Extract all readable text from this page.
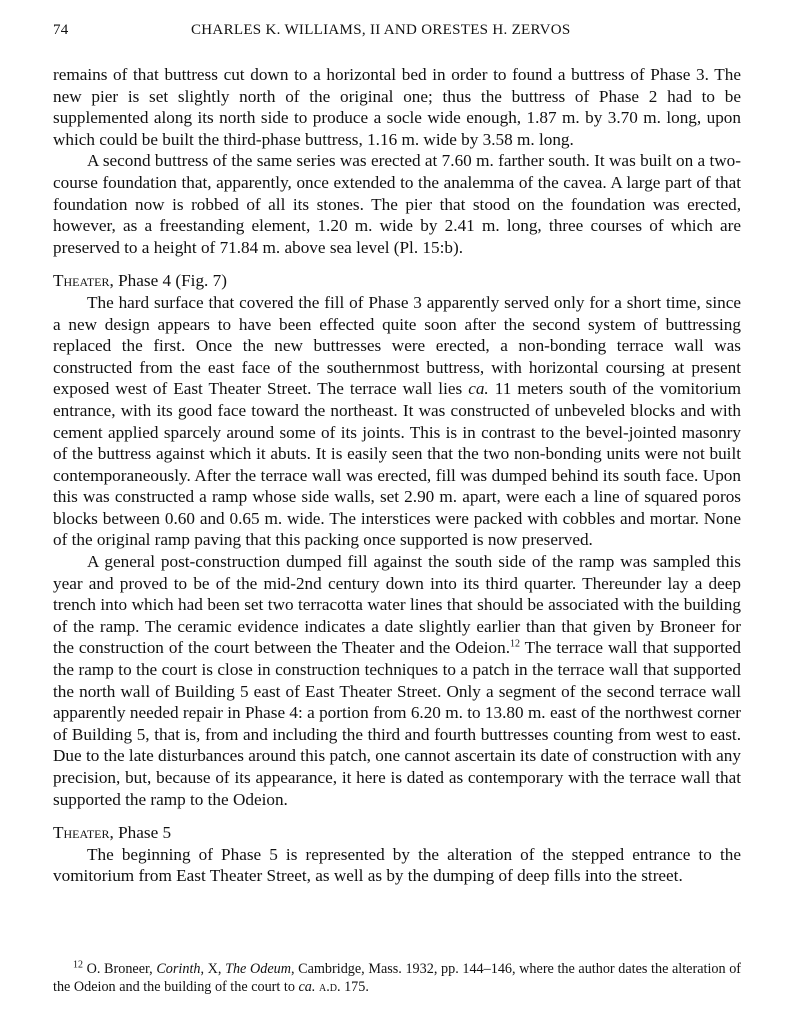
74	CHARLES K. WILLIAMS, II AND ORESTES H. ZERVOS

remains of that buttress cut down to a horizontal bed in order to found a buttress of Phase 3. The new pier is set slightly north of the original one; thus the buttress of Phase 2 had to be supplemented along its north side to produce a socle wide enough, 1.87 m. by 3.70 m. long, upon which could be built the third-phase buttress, 1.16 m. wide by 3.58 m. long.

A second buttress of the same series was erected at 7.60 m. farther south. It was built on a two-course foundation that, apparently, once extended to the analemma of the cavea. A large part of that foundation now is robbed of all its stones. The pier that stood on the foundation was erected, however, as a freestanding element, 1.20 m. wide by 2.41 m. long, three courses of which are preserved to a height of 71.84 m. above sea level (Pl. 15:b).

Theater, Phase 4 (Fig. 7)

The hard surface that covered the fill of Phase 3 apparently served only for a short time, since a new design appears to have been effected quite soon after the second system of buttressing replaced the first. Once the new buttresses were erected, a non-bonding terrace wall was constructed from the east face of the southernmost buttress, with horizontal coursing at present exposed west of East Theater Street. The terrace wall lies ca. 11 meters south of the vomitorium entrance, with its good face toward the northeast. It was constructed of unbeveled blocks and with cement applied sparcely around some of its joints. This is in contrast to the bevel-jointed masonry of the buttress against which it abuts. It is easily seen that the two non-bonding units were not built contemporaneously. After the terrace wall was erected, fill was dumped behind its south face. Upon this was constructed a ramp whose side walls, set 2.90 m. apart, were each a line of squared poros blocks between 0.60 and 0.65 m. wide. The interstices were packed with cobbles and mortar. None of the original ramp paving that this packing once supported is now preserved.

A general post-construction dumped fill against the south side of the ramp was sampled this year and proved to be of the mid-2nd century down into its third quarter. Thereunder lay a deep trench into which had been set two terracotta water lines that should be associated with the building of the ramp. The ceramic evidence indicates a date slightly earlier than that given by Broneer for the construction of the court between the Theater and the Odeion.$^{12}$ The terrace wall that supported the ramp to the court is close in construction techniques to a patch in the terrace wall that supported the north wall of Building 5 east of East Theater Street. Only a segment of the second terrace wall apparently needed repair in Phase 4: a portion from 6.20 m. to 13.80 m. east of the northwest corner of Building 5, that is, from and including the third and fourth buttresses counting from west to east. Due to the late disturbances around this patch, one cannot ascertain its date of construction with any precision, but, because of its appearance, it here is dated as contemporary with the terrace wall that supported the ramp to the Odeion.

Theater, Phase 5

The beginning of Phase 5 is represented by the alteration of the stepped entrance to the vomitorium from East Theater Street, as well as by the dumping of deep fills into the street.

$^{12}$ O. Broneer, Corinth, X, The Odeum, Cambridge, Mass. 1932, pp. 144–146, where the author dates the alteration of the Odeion and the building of the court to ca. a.d. 175.
